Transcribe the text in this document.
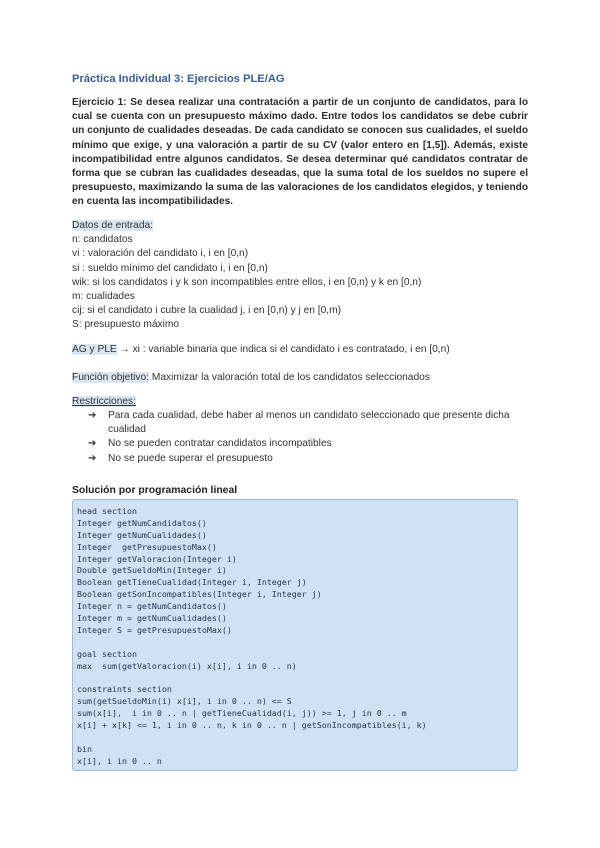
Práctica Individual 3: Ejercicios PLE/AG
Ejercicio 1: Se desea realizar una contratación a partir de un conjunto de candidatos, para lo cual se cuenta con un presupuesto máximo dado. Entre todos los candidatos se debe cubrir un conjunto de cualidades deseadas. De cada candidato se conocen sus cualidades, el sueldo mínimo que exige, y una valoración a partir de su CV (valor entero en [1,5]). Además, existe incompatibilidad entre algunos candidatos. Se desea determinar qué candidatos contratar de forma que se cubran las cualidades deseadas, que la suma total de los sueldos no supere el presupuesto, maximizando la suma de las valoraciones de los candidatos elegidos, y teniendo en cuenta las incompatibilidades.
Datos de entrada:
n: candidatos
vi : valoración del candidato i, i en [0,n)
si : sueldo mínimo del candidato i, i en [0,n)
wik: si los candidatos i y k son incompatibles entre ellos, i en [0,n) y k en [0,n)
m: cualidades
cij: si el candidato i cubre la cualidad j, i en [0,n) y j en [0,m)
S: presupuesto máximo
AG y PLE → xi : variable binaria que indica si el candidato i es contratado, i en [0,n)
Función objetivo: Maximizar la valoración total de los candidatos seleccionados
Restricciones:
➔ Para cada cualidad, debe haber al menos un candidato seleccionado que presente dicha cualidad
➔ No se pueden contratar candidatos incompatibles
➔ No se puede superar el presupuesto
Solución por programación lineal
head section
Integer getNumCandidatos()
Integer getNumCualidades()
Integer  getPresupuestoMax()
Integer getValoracion(Integer i)
Double getSueldoMin(Integer i)
Boolean getTieneCualidad(Integer i, Integer j)
Boolean getSonIncompatibles(Integer i, Integer j)
Integer n = getNumCandidatos()
Integer m = getNumCualidades()
Integer S = getPresupuestoMax()
goal section
max  sum(getValoracion(i) x[i], i in 0 .. n)
constraints section
sum(getSueldoMin(i) x[i], i in 0 .. n) <= S
sum(x[i],  i in 0 .. n | getTieneCualidad(i, j)) >= 1, j in 0 .. m
x[i] + x[k] <= 1, i in 0 .. n, k in 0 .. n | getSonIncompatibles(i, k)
bin
x[i], i in 0 .. n
